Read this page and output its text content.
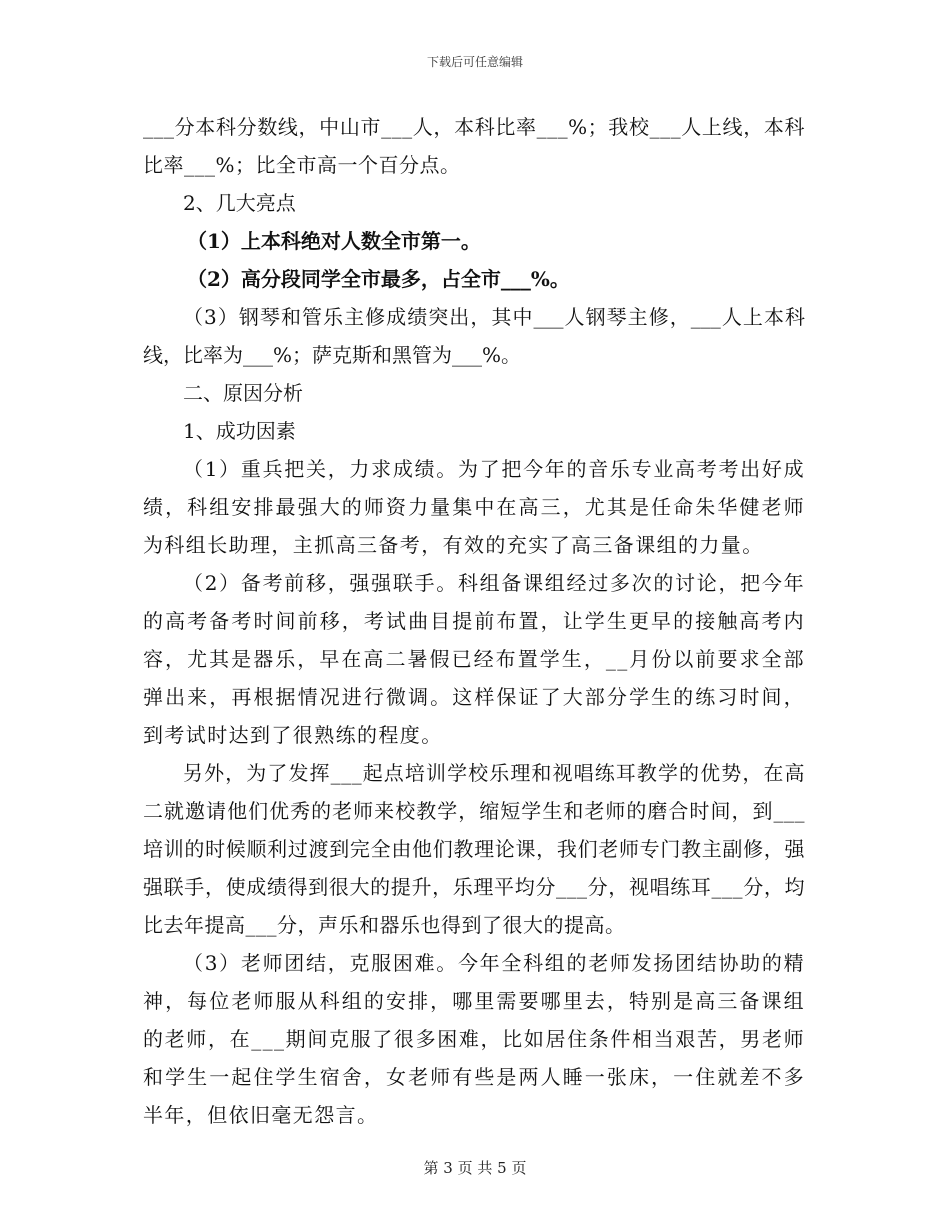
下载后可任意编辑

___分本科分数线，中山市___人，本科比率___%；我校___人上线，本科比率___%；比全市高一个百分点。

2、几大亮点

（1）上本科绝对人数全市第一。

（2）高分段同学全市最多，占全市___%。

（3）钢琴和管乐主修成绩突出，其中___人钢琴主修，___人上本科线，比率为___%；萨克斯和黑管为___%。

二、原因分析

1、成功因素

（1）重兵把关，力求成绩。为了把今年的音乐专业高考考出好成绩，科组安排最强大的师资力量集中在高三，尤其是任命朱华健老师为科组长助理，主抓高三备考，有效的充实了高三备课组的力量。

（2）备考前移，强强联手。科组备课组经过多次的讨论，把今年的高考备考时间前移，考试曲目提前布置，让学生更早的接触高考内容，尤其是器乐，早在高二暑假已经布置学生，__月份以前要求全部弹出来，再根据情况进行微调。这样保证了大部分学生的练习时间，到考试时达到了很熟练的程度。

另外，为了发挥___起点培训学校乐理和视唱练耳教学的优势，在高二就邀请他们优秀的老师来校教学，缩短学生和老师的磨合时间，到___培训的时候顺利过渡到完全由他们教理论课，我们老师专门教主副修，强强联手，使成绩得到很大的提升，乐理平均分___分，视唱练耳___分，均比去年提高___分，声乐和器乐也得到了很大的提高。

（3）老师团结，克服困难。今年全科组的老师发扬团结协助的精神，每位老师服从科组的安排，哪里需要哪里去，特别是高三备课组的老师，在___期间克服了很多困难，比如居住条件相当艰苦，男老师和学生一起住学生宿舍，女老师有些是两人睡一张床，一住就差不多半年，但依旧毫无怨言。

第 3 页 共 5 页
